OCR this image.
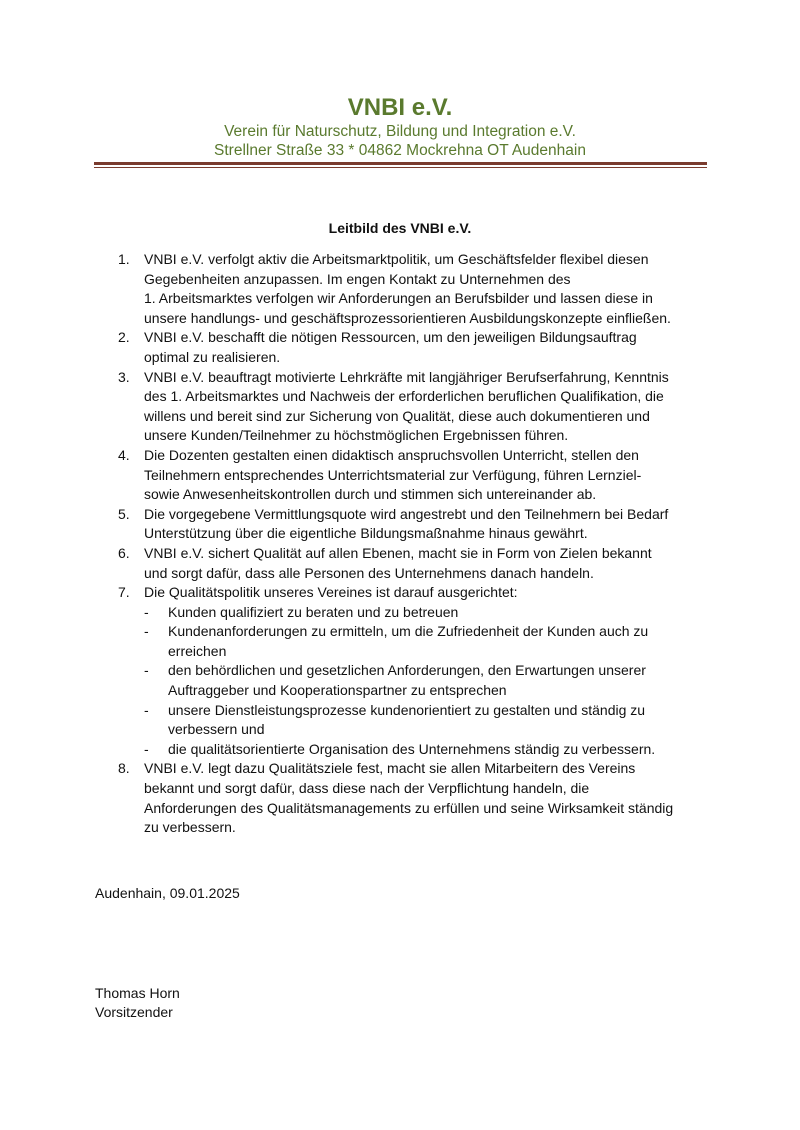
VNBI e.V.
Verein für Naturschutz, Bildung und Integration e.V.
Strellner Straße 33 * 04862 Mockrehna OT Audenhain
Leitbild des VNBI e.V.
1. VNBI e.V. verfolgt aktiv die Arbeitsmarktpolitik, um Geschäftsfelder flexibel diesen
Gegebenheiten anzupassen. Im engen Kontakt zu Unternehmen des
1. Arbeitsmarktes verfolgen wir Anforderungen an Berufsbilder und lassen diese in
unsere handlungs- und geschäftsprozessorientieren Ausbildungskonzepte einfließen.
2. VNBI e.V. beschafft die nötigen Ressourcen, um den jeweiligen Bildungsauftrag
optimal zu realisieren.
3. VNBI e.V. beauftragt motivierte Lehrkräfte mit langjähriger Berufserfahrung, Kenntnis
des 1. Arbeitsmarktes und Nachweis der erforderlichen beruflichen Qualifikation, die
willens und bereit sind zur Sicherung von Qualität, diese auch dokumentieren und
unsere Kunden/Teilnehmer zu höchstmöglichen Ergebnissen führen.
4. Die Dozenten gestalten einen didaktisch anspruchsvollen Unterricht, stellen den
Teilnehmern entsprechendes Unterrichtsmaterial zur Verfügung, führen Lernziel-
sowie Anwesenheitskontrollen durch und stimmen sich untereinander ab.
5. Die vorgegebene Vermittlungsquote wird angestrebt und den Teilnehmern bei Bedarf
Unterstützung über die eigentliche Bildungsmaßnahme hinaus gewährt.
6. VNBI e.V. sichert Qualität auf allen Ebenen, macht sie in Form von Zielen bekannt
und sorgt dafür, dass alle Personen des Unternehmens danach handeln.
7. Die Qualitätspolitik unseres Vereines ist darauf ausgerichtet:
- Kunden qualifiziert zu beraten und zu betreuen
- Kundenanforderungen zu ermitteln, um die Zufriedenheit der Kunden auch zu
erreichen
- den behördlichen und gesetzlichen Anforderungen, den Erwartungen unserer
Auftraggeber und Kooperationspartner zu entsprechen
- unsere Dienstleistungsprozesse kundenorientiert zu gestalten und ständig zu
verbessern und
- die qualitätsorientierte Organisation des Unternehmens ständig zu verbessern.
8. VNBI e.V. legt dazu Qualitätsziele fest, macht sie allen Mitarbeitern des Vereins
bekannt und sorgt dafür, dass diese nach der Verpflichtung handeln, die
Anforderungen des Qualitätsmanagements zu erfüllen und seine Wirksamkeit ständig
zu verbessern.
Audenhain, 09.01.2025
Thomas Horn
Vorsitzender
